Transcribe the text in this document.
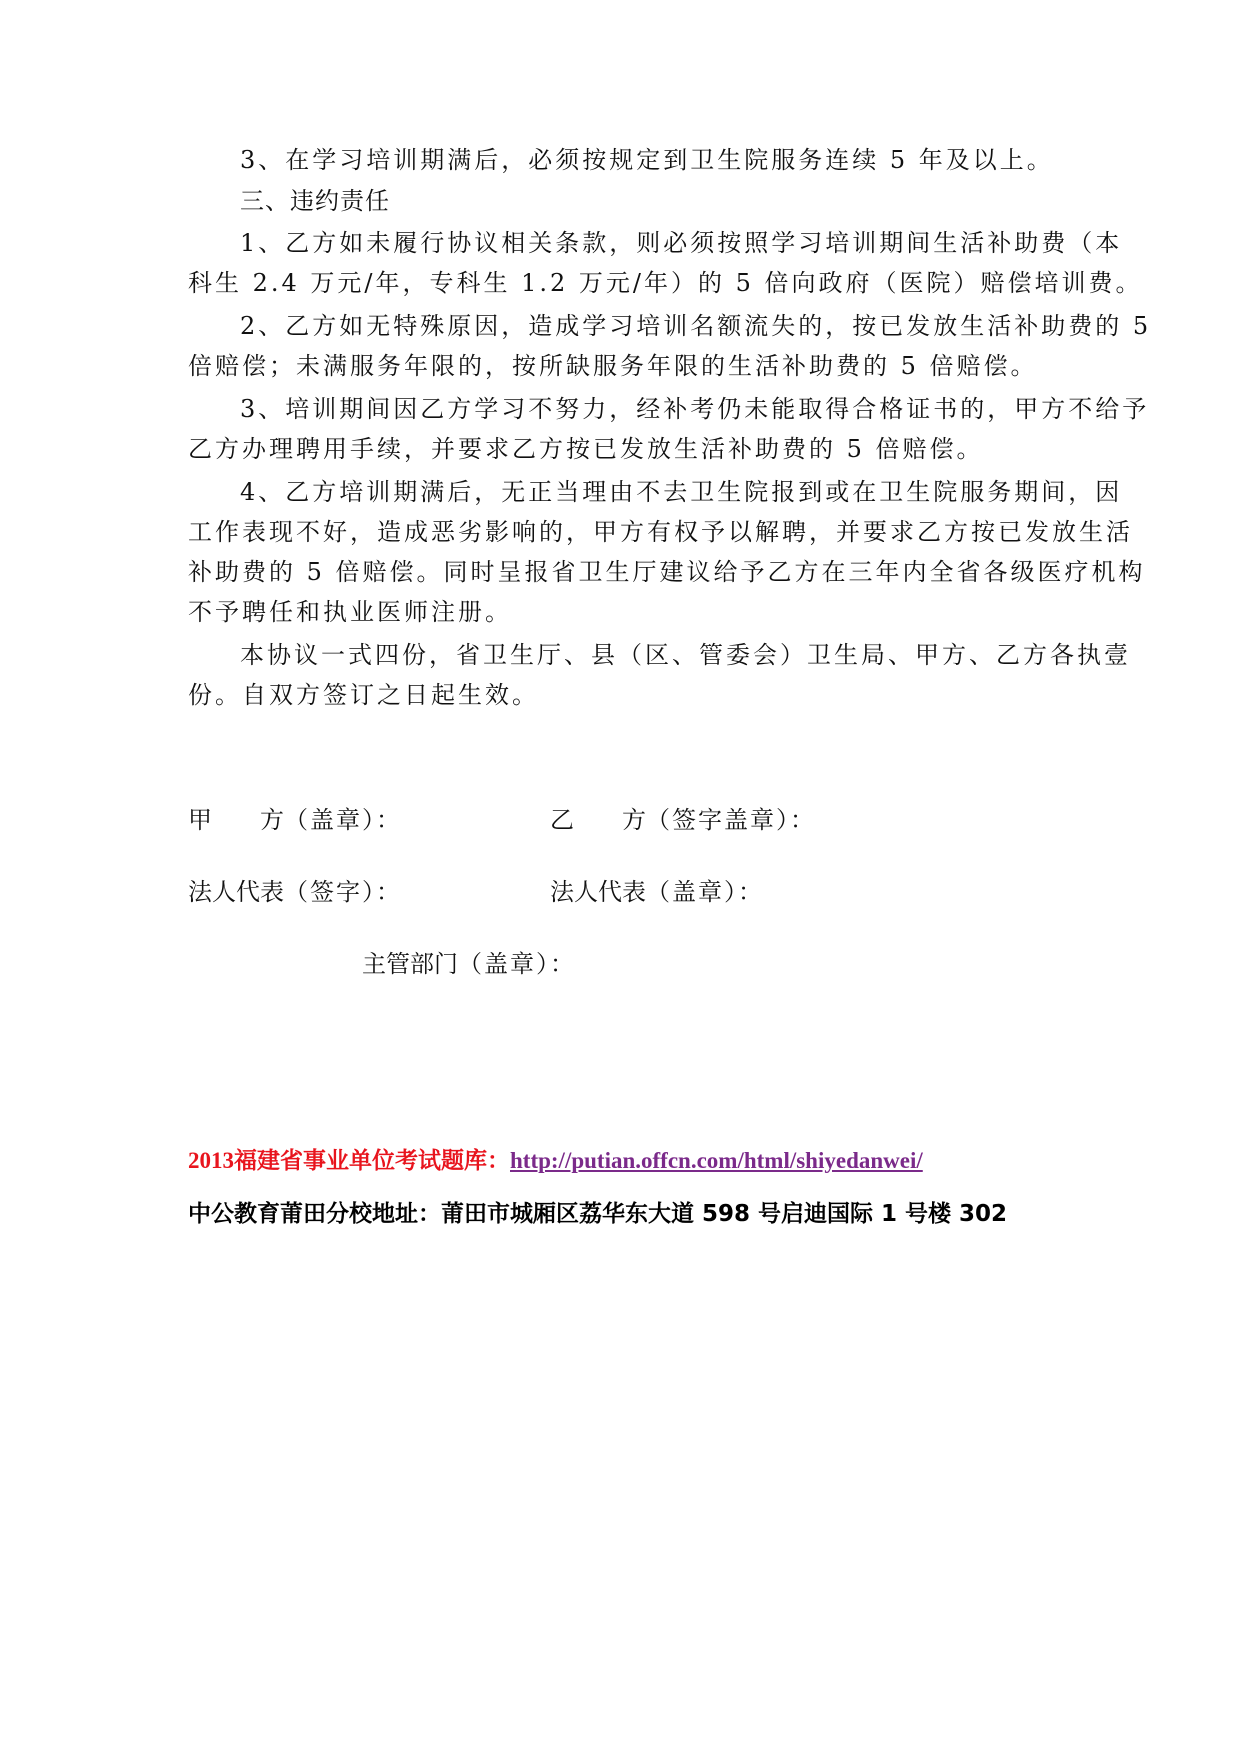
3、在学习培训期满后，必须按规定到卫生院服务连续 5 年及以上。
三、违约责任
1、乙方如未履行协议相关条款，则必须按照学习培训期间生活补助费（本
科生 2.4 万元/年，专科生 1.2 万元/年）的 5 倍向政府（医院）赔偿培训费。
2、乙方如无特殊原因，造成学习培训名额流失的，按已发放生活补助费的 5
倍赔偿；未满服务年限的，按所缺服务年限的生活补助费的 5 倍赔偿。
3、培训期间因乙方学习不努力，经补考仍未能取得合格证书的，甲方不给予
乙方办理聘用手续，并要求乙方按已发放生活补助费的 5 倍赔偿。
4、乙方培训期满后，无正当理由不去卫生院报到或在卫生院服务期间，因
工作表现不好，造成恶劣影响的，甲方有权予以解聘，并要求乙方按已发放生活
补助费的 5 倍赔偿。同时呈报省卫生厅建议给予乙方在三年内全省各级医疗机构
不予聘任和执业医师注册。
本协议一式四份，省卫生厅、县（区、管委会）卫生局、甲方、乙方各执壹
份。自双方签订之日起生效。
甲　　方（盖章）：	乙　　方（签字盖章）：
法人代表（签字）：	法人代表（盖章）：
主管部门（盖章）：
2013福建省事业单位考试题库：http://putian.offcn.com/html/shiyedanwei/
中公教育莆田分校地址：莆田市城厢区荔华东大道 598 号启迪国际 1 号楼 302
